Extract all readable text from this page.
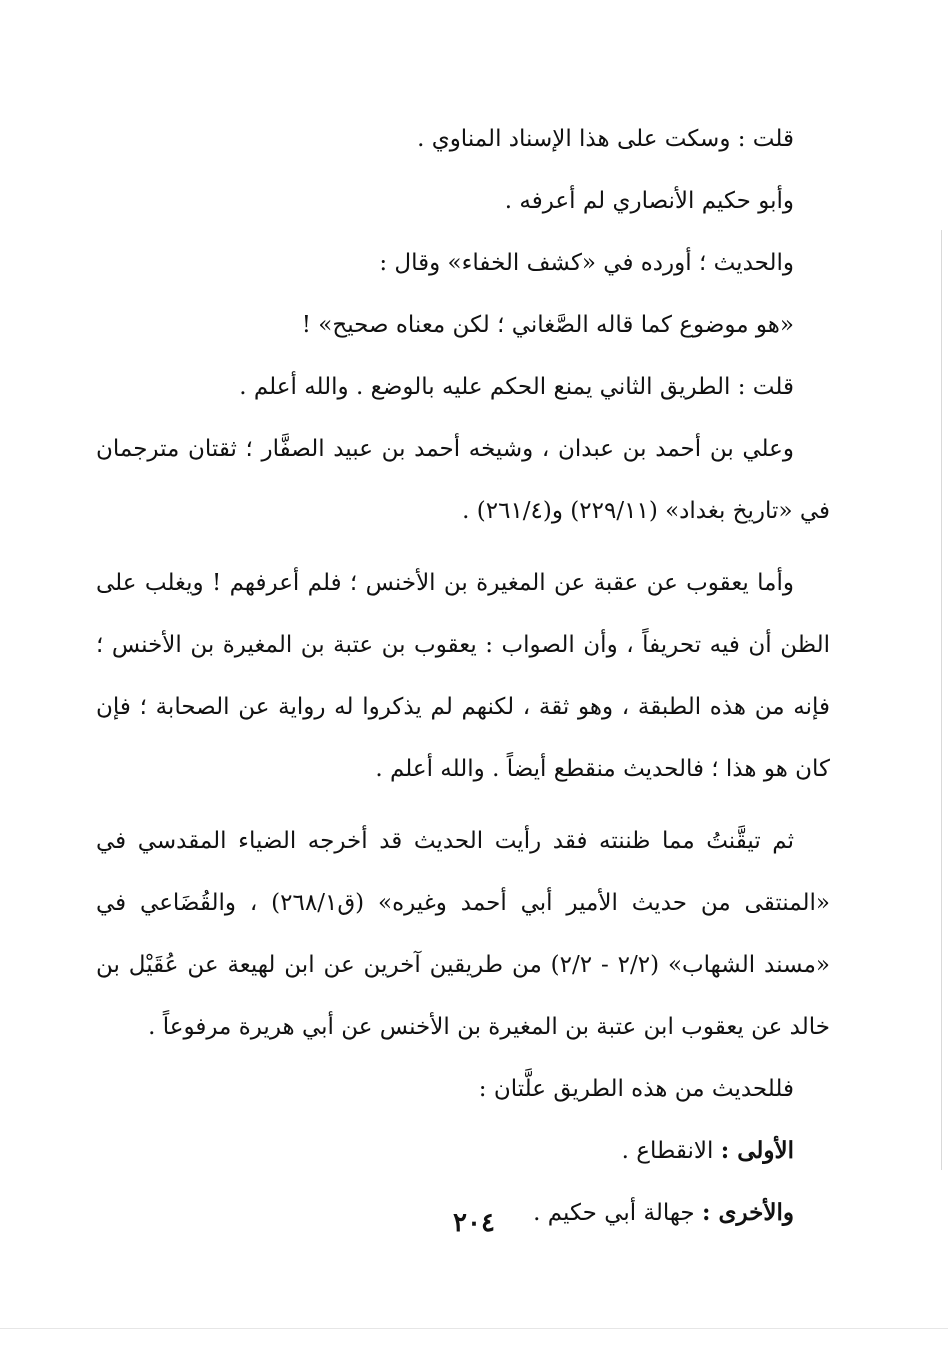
قلت : وسكت على هذا الإسناد المناوي .

وأبو حكيم الأنصاري لم أعرفه .

والحديث ؛ أورده في «كشف الخفاء» وقال :

«هو موضوع كما قاله الصَّغاني ؛ لكن معناه صحيح» !

قلت : الطريق الثاني يمنع الحكم عليه بالوضع . والله أعلم .

وعلي بن أحمد بن عبدان ، وشيخه أحمد بن عبيد الصفَّار ؛ ثقتان مترجمان في «تاريخ بغداد» (٢٢٩/١١) و(٢٦١/٤) .

وأما يعقوب عن عقبة عن المغيرة بن الأخنس ؛ فلم أعرفهم ! ويغلب على الظن أن فيه تحريفاً ، وأن الصواب : يعقوب بن عتبة بن المغيرة بن الأخنس ؛ فإنه من هذه الطبقة ، وهو ثقة ، لكنهم لم يذكروا له رواية عن الصحابة ؛ فإن كان هو هذا ؛ فالحديث منقطع أيضاً . والله أعلم .

ثم تيقَّنتُ مما ظننته فقد رأيت الحديث قد أخرجه الضياء المقدسي في «المنتقى من حديث الأمير أبي أحمد وغيره» (ق٢٦٨/١) ، والقُضَاعي في «مسند الشهاب» (٢/٢ - ٢/٢) من طريقين آخرين عن ابن لهيعة عن عُقَيْل بن خالد عن يعقوب ابن عتبة بن المغيرة بن الأخنس عن أبي هريرة مرفوعاً .

فللحديث من هذه الطريق علَّتان :

الأولى : الانقطاع .

والأخرى : جهالة أبي حكيم .

٢٠٤
